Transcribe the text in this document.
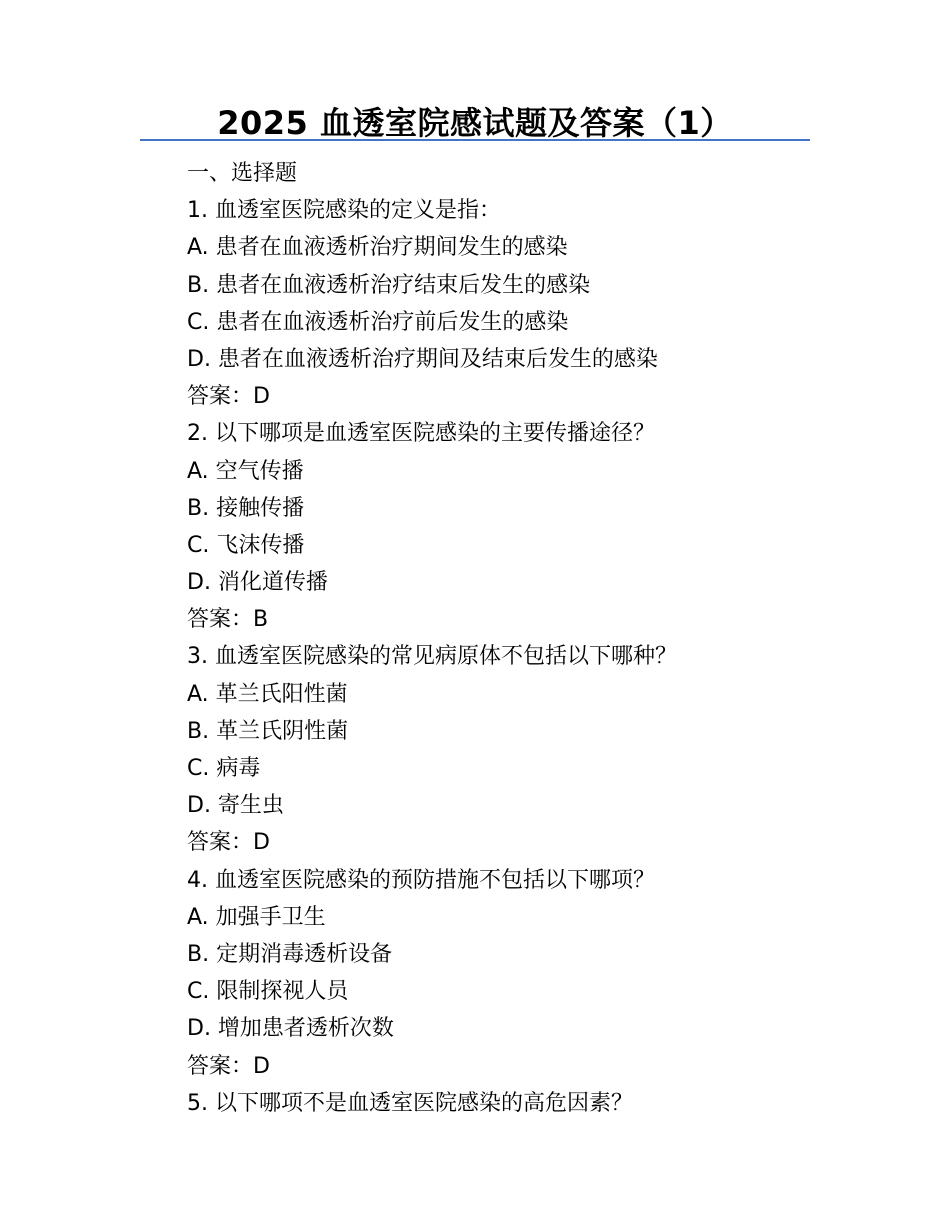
2025 血透室院感试题及答案（1）
一、选择题
1. 血透室医院感染的定义是指：
A. 患者在血液透析治疗期间发生的感染
B. 患者在血液透析治疗结束后发生的感染
C. 患者在血液透析治疗前后发生的感染
D. 患者在血液透析治疗期间及结束后发生的感染
答案：D
2. 以下哪项是血透室医院感染的主要传播途径？
A. 空气传播
B. 接触传播
C. 飞沫传播
D. 消化道传播
答案：B
3. 血透室医院感染的常见病原体不包括以下哪种？
A. 革兰氏阳性菌
B. 革兰氏阴性菌
C. 病毒
D. 寄生虫
答案：D
4. 血透室医院感染的预防措施不包括以下哪项？
A. 加强手卫生
B. 定期消毒透析设备
C. 限制探视人员
D. 增加患者透析次数
答案：D
5. 以下哪项不是血透室医院感染的高危因素？
